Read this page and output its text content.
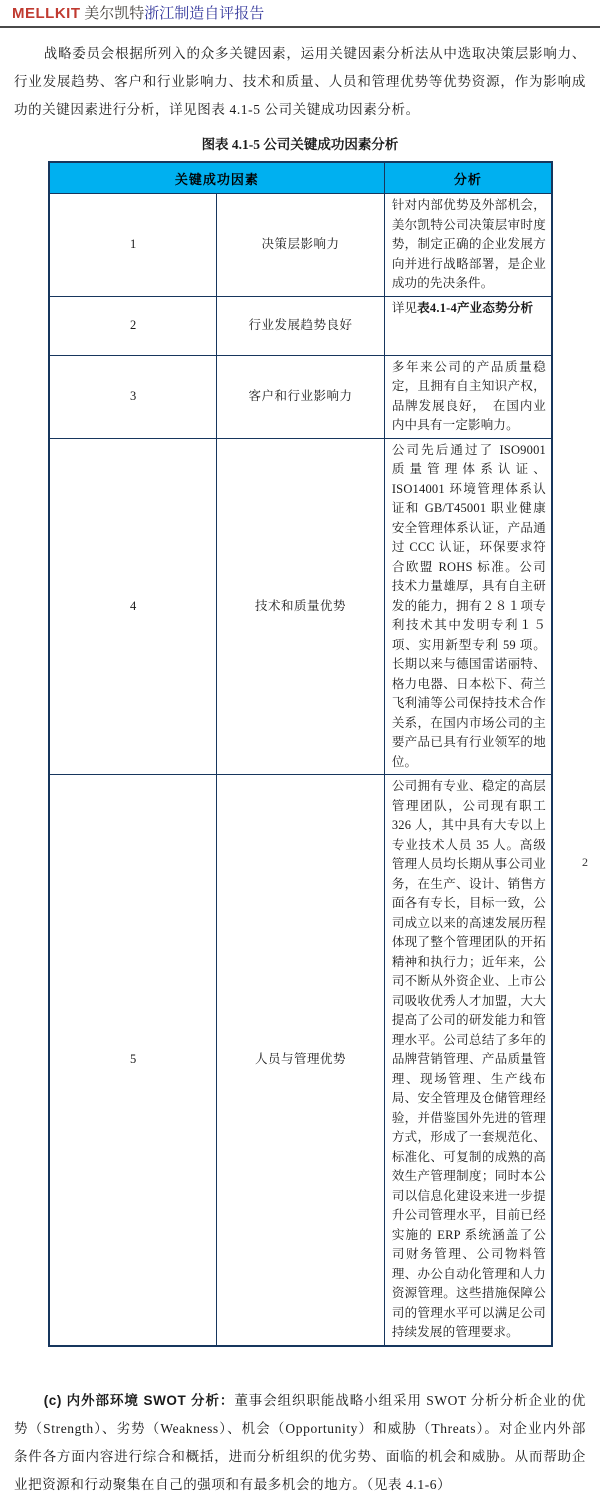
MELLKIT 美尔凯特浙江制造自评报告

战略委员会根据所列入的众多关键因素，运用关键因素分析法从中选取决策层影响力、行业发展趋势、客户和行业影响力、技术和质量、人员和管理优势等优势资源，作为影响成功的关键因素进行分析，详见图表 4.1-5 公司关键成功因素分析。

图表 4.1-5 公司关键成功因素分析
关键成功因素		分析
1	决策层影响力	针对内部优势及外部机会，美尔凯特公司决策层审时度势，制定正确的企业发展方向并进行战略部署，是企业成功的先决条件。
2	行业发展趋势良好	详见表4.1-4产业态势分析
3	客户和行业影响力	多年来公司的产品质量稳定，且拥有自主知识产权，品牌发展良好，　在国内业内中具有一定影响力。
4	技术和质量优势	公司先后通过了 ISO9001 质量管理体系认证、ISO14001 环境管理体系认证和 GB/T45001 职业健康安全管理体系认证，产品通过 CCC 认证，环保要求符合欧盟 ROHS 标准。公司技术力量雄厚，具有自主研发的能力，拥有２８１项专利技术其中发明专利１５项、实用新型专利 59 项。长期以来与德国雷诺丽特、格力电器、日本松下、荷兰飞利浦等公司保持技术合作关系，在国内市场公司的主要产品已具有行业领军的地位。
5	人员与管理优势	公司拥有专业、稳定的高层管理团队，公司现有职工 326 人，其中具有大专以上专业技术人员 35 人。高级管理人员均长期从事公司业务，在生产、设计、销售方面各有专长，目标一致，公司成立以来的高速发展历程体现了整个管理团队的开拓精神和执行力；近年来，公司不断从外资企业、上市公司吸收优秀人才加盟，大大提高了公司的研发能力和管理水平。公司总结了多年的品牌营销管理、产品质量管理、现场管理、生产线布局、安全管理及仓储管理经验，并借鉴国外先进的管理方式，形成了一套规范化、标准化、可复制的成熟的高效生产管理制度；同时本公司以信息化建设来进一步提升公司管理水平，目前已经实施的 ERP 系统涵盖了公司财务管理、公司物料管理、办公自动化管理和人力资源管理。这些措施保障公司的管理水平可以满足公司持续发展的管理要求。

(c) 内外部环境 SWOT 分析：董事会组织职能战略小组采用 SWOT 分析分析企业的优势（Strength）、劣势（Weakness）、机会（Opportunity）和威胁（Threats）。对企业内外部条件各方面内容进行综合和概括，进而分析组织的优劣势、面临的机会和威胁。从而帮助企业把资源和行动聚集在自己的强项和有最多机会的地方。（见表 4.1-6）

2
